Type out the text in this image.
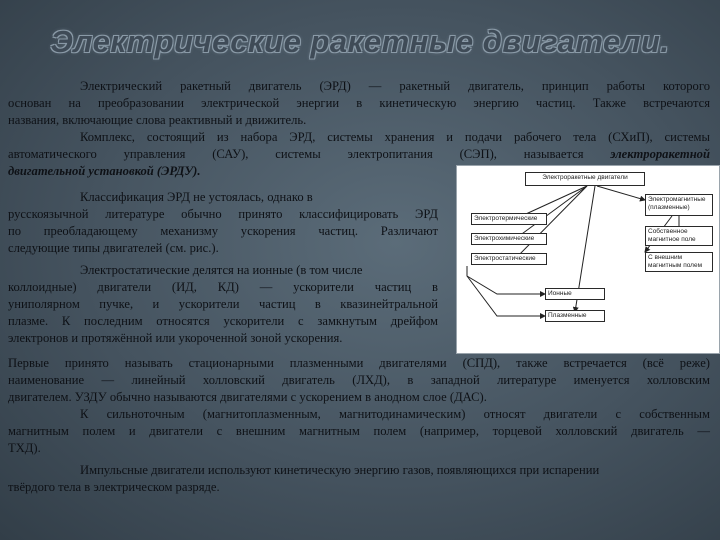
Электрические ракетные двигатели.

Электрический ракетный двигатель (ЭРД) — ракетный двигатель, принцип работы которого

основан на преобразовании электрической энергии в кинетическую энергию частиц. Также встречаются

названия, включающие слова реактивный и движитель.

Комплекс, состоящий из набора ЭРД, системы хранения и подачи рабочего тела (СХиП), системы

автоматического управления (САУ), системы электропитания (СЭП), называется электроракетной

двигательной установкой (ЭРДУ).

Классификация ЭРД не устоялась, однако в

русскоязычной литературе обычно принято классифицировать ЭРД

по преобладающему механизму ускорения частиц. Различают

следующие типы двигателей (см. рис.).

Электростатические делятся на ионные (в том числе

коллоидные) двигатели (ИД, КД) — ускорители частиц в

униполярном пучке, и ускорители частиц в квазинейтральной

плазме. К последним относятся ускорители с замкнутым дрейфом

электронов и протяжённой или укороченной зоной ускорения.

Первые принято называть стационарными плазменными двигателями (СПД), также встречается (всё реже)

наименование — линейный холловский двигатель (ЛХД), в западной литературе именуется холловским

двигателем. УЗДУ обычно называются двигателями с ускорением в анодном слое (ДАС).

К сильноточным (магнитоплазменным, магнитодинамическим) относят двигатели с собственным

магнитным полем и двигатели с внешним магнитным полем (например, торцевой холловский двигатель —

ТХД).

Импульсные двигатели используют кинетическую энергию газов, появляющихся при испарении

твёрдого тела в электрическом разряде.

Электроракетные двигатели
Электротермические
Электрохимические
Электростатические
Электромагнитные (плазменные)
Собственное магнитное поле
С внешним магнитным полем
Ионные
Плазменные
